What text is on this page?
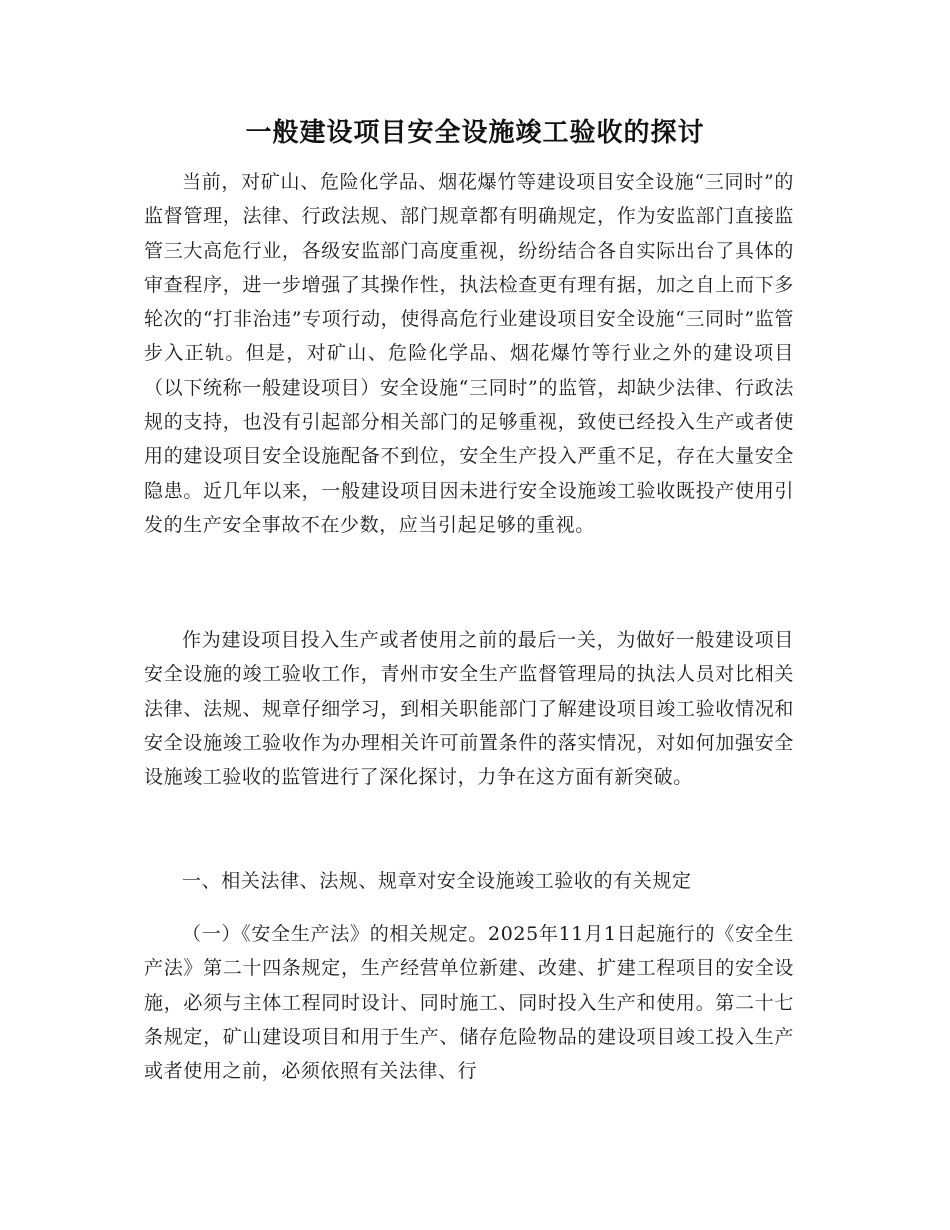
一般建设项目安全设施竣工验收的探讨

当前，对矿山、危险化学品、烟花爆竹等建设项目安全设施“三同时”的监督管理，法律、行政法规、部门规章都有明确规定，作为安监部门直接监管三大高危行业，各级安监部门高度重视，纷纷结合各自实际出台了具体的审查程序，进一步增强了其操作性，执法检查更有理有据，加之自上而下多轮次的“打非治违”专项行动，使得高危行业建设项目安全设施“三同时”监管步入正轨。但是，对矿山、危险化学品、烟花爆竹等行业之外的建设项目（以下统称一般建设项目）安全设施“三同时”的监管，却缺少法律、行政法规的支持，也没有引起部分相关部门的足够重视，致使已经投入生产或者使用的建设项目安全设施配备不到位，安全生产投入严重不足，存在大量安全隐患。近几年以来，一般建设项目因未进行安全设施竣工验收既投产使用引发的生产安全事故不在少数，应当引起足够的重视。

作为建设项目投入生产或者使用之前的最后一关，为做好一般建设项目安全设施的竣工验收工作，青州市安全生产监督管理局的执法人员对比相关法律、法规、规章仔细学习，到相关职能部门了解建设项目竣工验收情况和安全设施竣工验收作为办理相关许可前置条件的落实情况，对如何加强安全设施竣工验收的监管进行了深化探讨，力争在这方面有新突破。

一、相关法律、法规、规章对安全设施竣工验收的有关规定

（一）《安全生产法》的相关规定。2025年11月1日起施行的《安全生产法》第二十四条规定，生产经营单位新建、改建、扩建工程项目的安全设施，必须与主体工程同时设计、同时施工、同时投入生产和使用。第二十七条规定，矿山建设项目和用于生产、储存危险物品的建设项目竣工投入生产或者使用之前，必须依照有关法律、行
